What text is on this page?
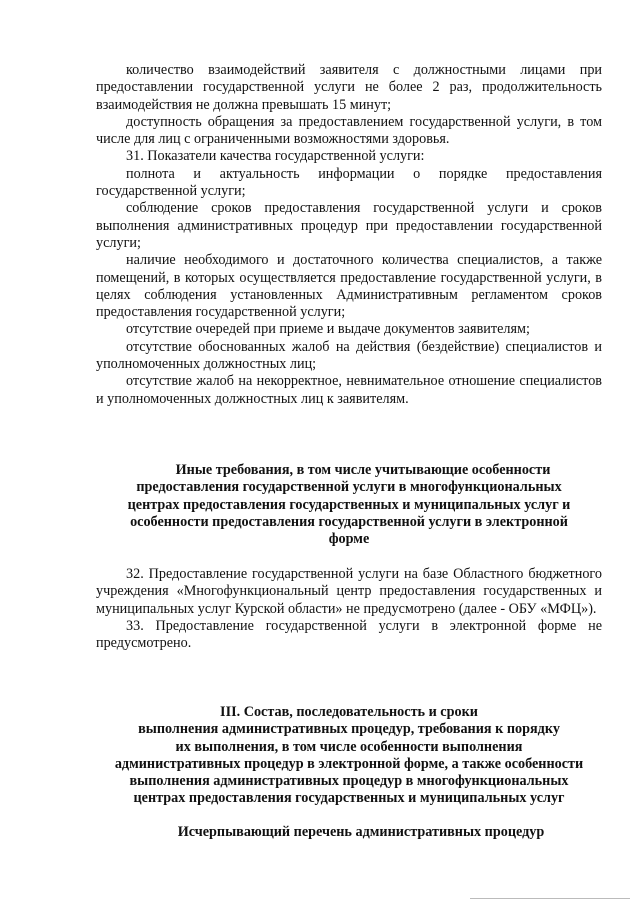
количество взаимодействий заявителя с должностными лицами при предоставлении государственной услуги не более 2 раз, продолжительность взаимодействия не должна превышать 15 минут;

доступность обращения за предоставлением государственной услуги, в том числе для лиц с ограниченными возможностями здоровья.

31. Показатели качества государственной услуги:

полнота и актуальность информации о порядке предоставления государственной услуги;

соблюдение сроков предоставления государственной услуги и сроков выполнения административных процедур при предоставлении государственной услуги;

наличие необходимого и достаточного количества специалистов, а также помещений, в которых осуществляется предоставление государственной услуги, в целях соблюдения установленных Административным регламентом сроков предоставления государственной услуги;

отсутствие очередей при приеме и выдаче документов заявителям;

отсутствие обоснованных жалоб на действия (бездействие) специалистов и уполномоченных должностных лиц;

отсутствие жалоб на некорректное, невнимательное отношение специалистов и уполномоченных должностных лиц к заявителям.

Иные требования, в том числе учитывающие особенности
предоставления государственной услуги в многофункциональных
центрах предоставления государственных и муниципальных услуг и
особенности предоставления государственной услуги в электронной
форме

32. Предоставление государственной услуги на базе Областного бюджетного учреждения «Многофункциональный центр предоставления государственных и муниципальных услуг Курской области» не предусмотрено (далее - ОБУ «МФЦ»).

33. Предоставление государственной услуги в электронной форме не предусмотрено.

III. Состав, последовательность и сроки
выполнения административных процедур, требования к порядку
их выполнения, в том числе особенности выполнения
административных процедур в электронной форме, а также особенности
выполнения административных процедур в многофункциональных
центрах предоставления государственных и муниципальных услуг
Исчерпывающий перечень административных процедур
